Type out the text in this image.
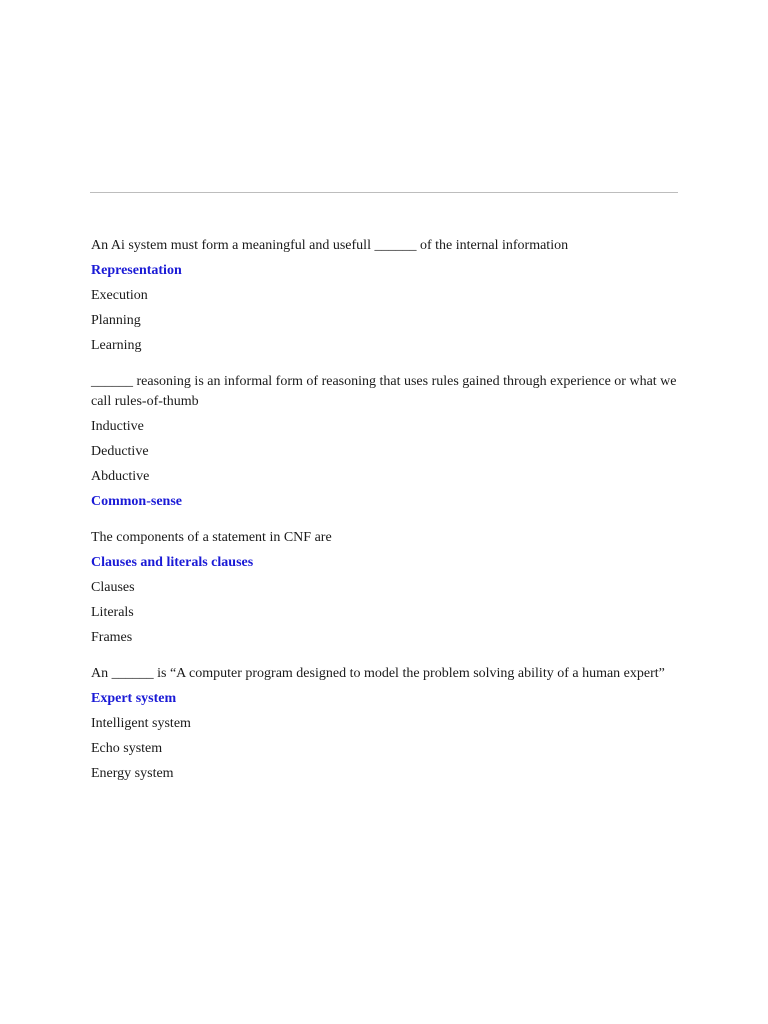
An Ai system must form a meaningful and usefull ______ of the internal information

Representation
Execution
Planning
Learning

______ reasoning is an informal form of reasoning that uses rules gained through experience or what we call rules-of-thumb

Inductive
Deductive
Abductive
Common-sense

The components of a statement in CNF are

Clauses and literals clauses
Clauses
Literals
Frames

An ______ is “A computer program designed to model the problem solving ability of a human expert”

Expert system
Intelligent system
Echo system
Energy system
